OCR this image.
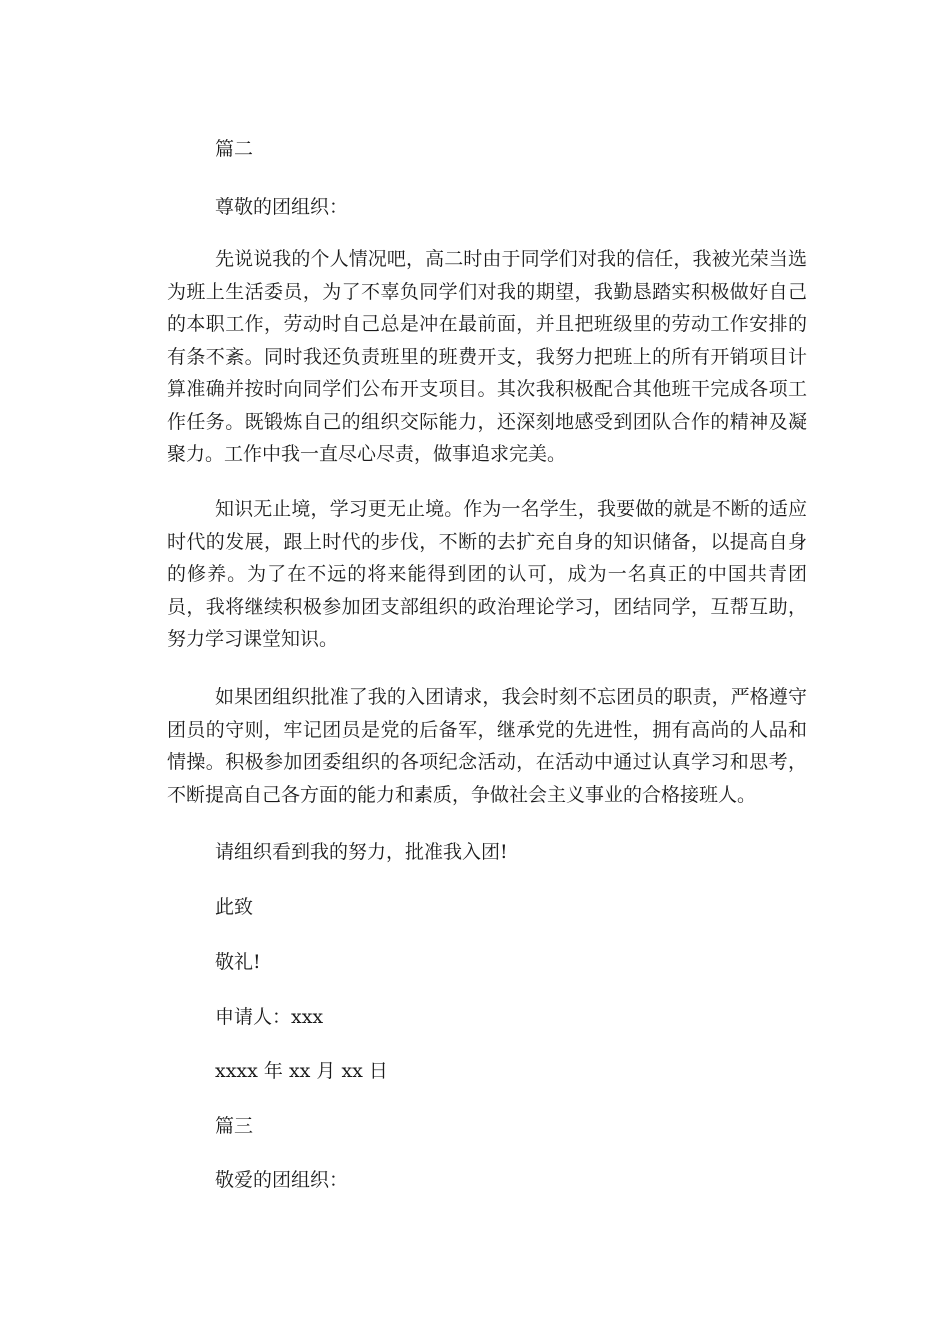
篇二

尊敬的团组织：

先说说我的个人情况吧，高二时由于同学们对我的信任，我被光荣当选为班上生活委员，为了不辜负同学们对我的期望，我勤恳踏实积极做好自己的本职工作，劳动时自己总是冲在最前面，并且把班级里的劳动工作安排的有条不紊。同时我还负责班里的班费开支，我努力把班上的所有开销项目计算准确并按时向同学们公布开支项目。其次我积极配合其他班干完成各项工作任务。既锻炼自己的组织交际能力，还深刻地感受到团队合作的精神及凝聚力。工作中我一直尽心尽责，做事追求完美。

知识无止境，学习更无止境。作为一名学生，我要做的就是不断的适应时代的发展，跟上时代的步伐，不断的去扩充自身的知识储备，以提高自身的修养。为了在不远的将来能得到团的认可，成为一名真正的中国共青团员，我将继续积极参加团支部组织的政治理论学习，团结同学，互帮互助，努力学习课堂知识。

如果团组织批准了我的入团请求，我会时刻不忘团员的职责，严格遵守团员的守则，牢记团员是党的后备军，继承党的先进性，拥有高尚的人品和情操。积极参加团委组织的各项纪念活动，在活动中通过认真学习和思考，不断提高自己各方面的能力和素质，争做社会主义事业的合格接班人。

请组织看到我的努力，批准我入团!

此致

敬礼!

申请人：xxx

xxxx 年 xx 月 xx 日

篇三

敬爱的团组织：
